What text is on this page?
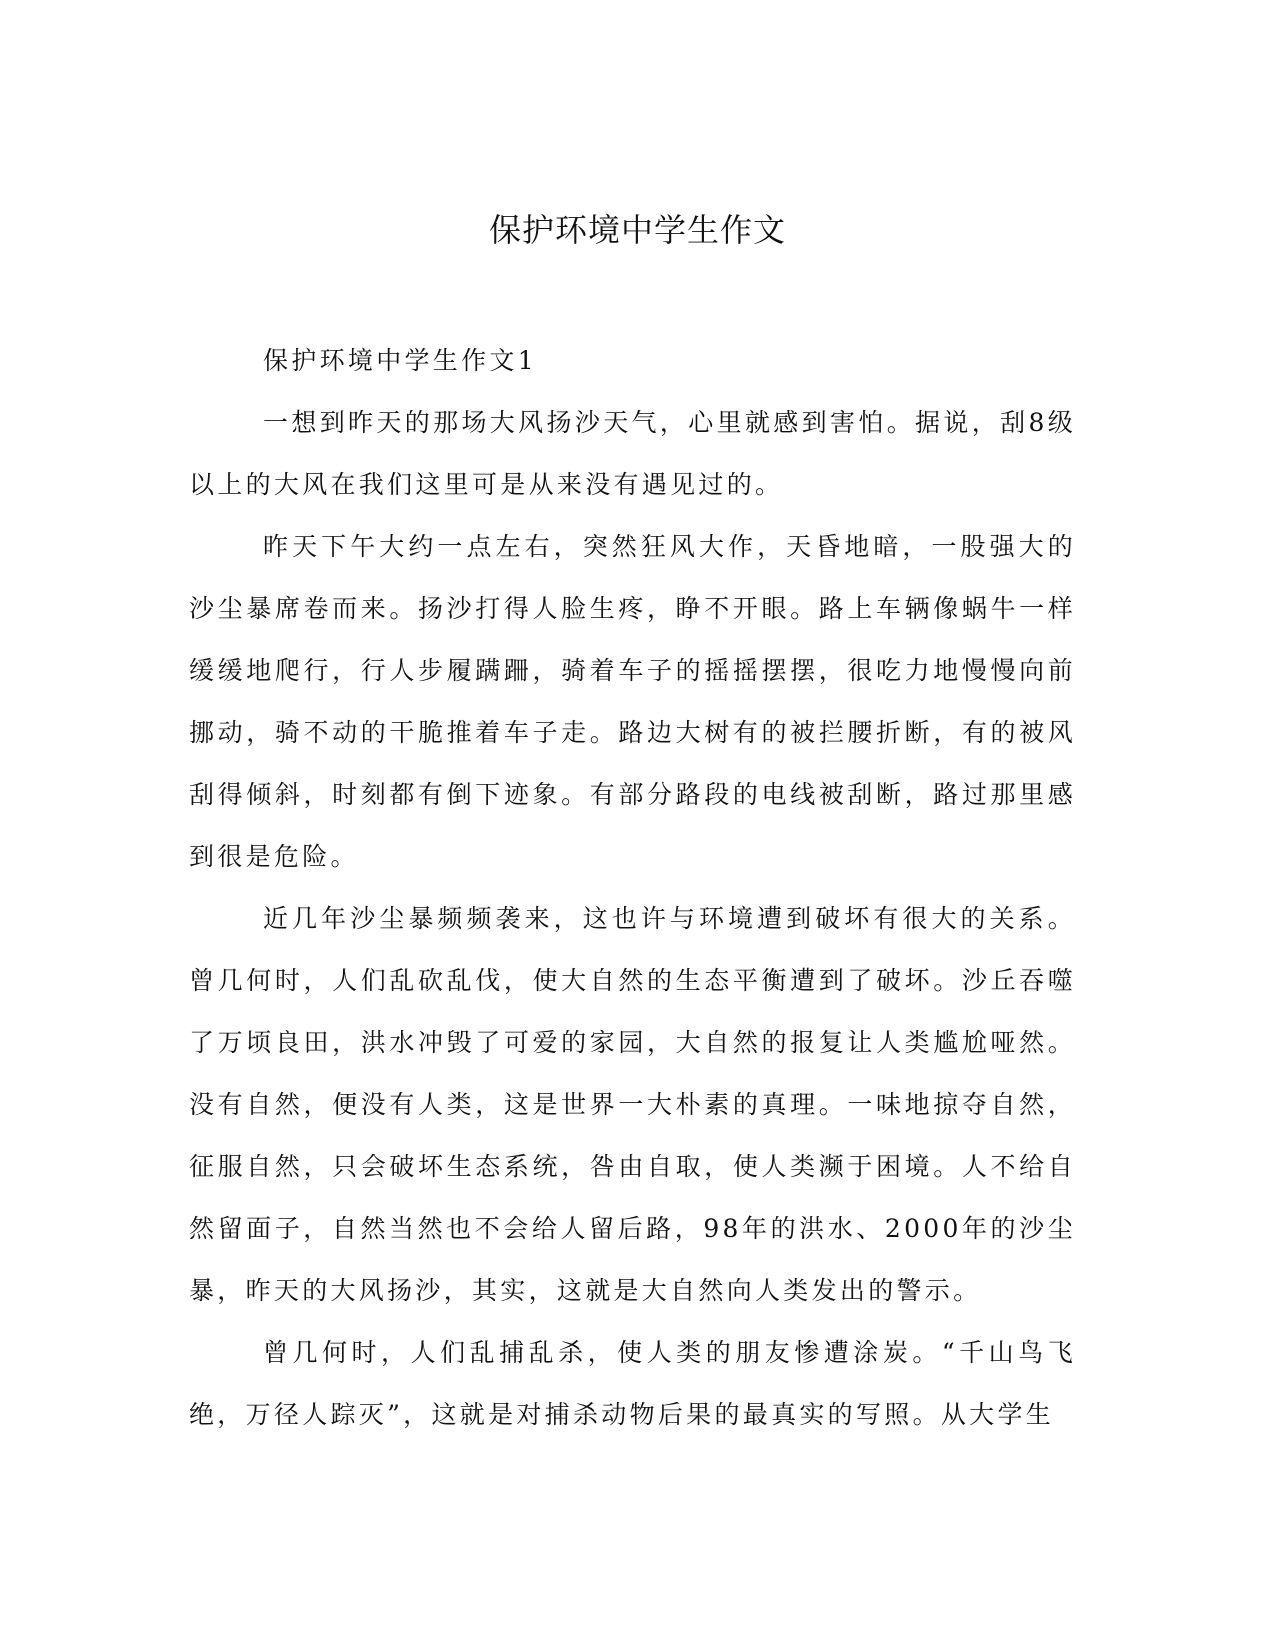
保护环境中学生作文

保护环境中学生作文1

一想到昨天的那场大风扬沙天气，心里就感到害怕。据说，刮8级以上的大风在我们这里可是从来没有遇见过的。

昨天下午大约一点左右，突然狂风大作，天昏地暗，一股强大的沙尘暴席卷而来。扬沙打得人脸生疼，睁不开眼。路上车辆像蜗牛一样缓缓地爬行，行人步履蹒跚，骑着车子的摇摇摆摆，很吃力地慢慢向前挪动，骑不动的干脆推着车子走。路边大树有的被拦腰折断，有的被风刮得倾斜，时刻都有倒下迹象。有部分路段的电线被刮断，路过那里感到很是危险。

近几年沙尘暴频频袭来，这也许与环境遭到破坏有很大的关系。曾几何时，人们乱砍乱伐，使大自然的生态平衡遭到了破坏。沙丘吞噬了万顷良田，洪水冲毁了可爱的家园，大自然的报复让人类尴尬哑然。没有自然，便没有人类，这是世界一大朴素的真理。一味地掠夺自然，征服自然，只会破坏生态系统，咎由自取，使人类濒于困境。人不给自然留面子，自然当然也不会给人留后路，98年的洪水、2000年的沙尘暴，昨天的大风扬沙，其实，这就是大自然向人类发出的警示。

曾几何时，人们乱捕乱杀，使人类的朋友惨遭涂炭。“千山鸟飞绝，万径人踪灭”，这就是对捕杀动物后果的最真实的写照。从大学生
